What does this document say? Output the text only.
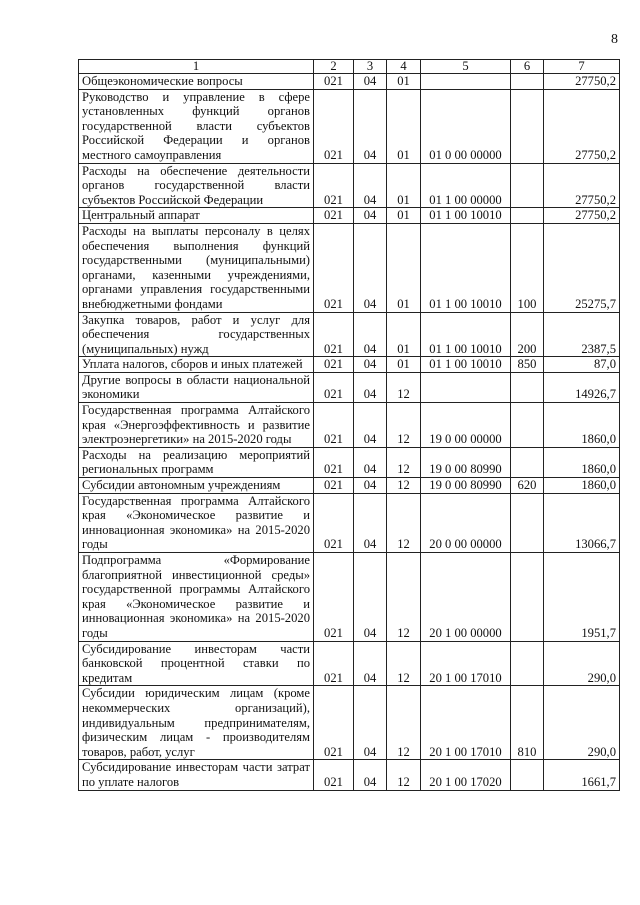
8
1	2	3	4	5	6	7
Общеэкономические вопросы	021	04	01			27750,2
Руководство и управление в сфере установленных функций органов государственной власти субъектов Российской Федерации и органов местного самоуправления	021	04	01	01 0 00 00000		27750,2
Расходы на обеспечение деятельности органов государственной власти субъектов Российской Федерации	021	04	01	01 1 00 00000		27750,2
Центральный аппарат	021	04	01	01 1 00 10010		27750,2
Расходы на выплаты персоналу в целях обеспечения выполнения функций государственными (муниципальными) органами, казенными учреждениями, органами управления государственными внебюджетными фондами	021	04	01	01 1 00 10010	100	25275,7
Закупка товаров, работ и услуг для обеспечения государственных (муниципальных) нужд	021	04	01	01 1 00 10010	200	2387,5
Уплата налогов, сборов и иных платежей	021	04	01	01 1 00 10010	850	87,0
Другие вопросы в области национальной экономики	021	04	12			14926,7
Государственная программа Алтайского края «Энергоэффективность и развитие электроэнергетики» на 2015-2020 годы	021	04	12	19 0 00 00000		1860,0
Расходы на реализацию мероприятий региональных программ	021	04	12	19 0 00 80990		1860,0
Субсидии автономным учреждениям	021	04	12	19 0 00 80990	620	1860,0
Государственная программа Алтайского края «Экономическое развитие и инновационная экономика» на 2015-2020 годы	021	04	12	20 0 00 00000		13066,7
Подпрограмма «Формирование благоприятной инвестиционной среды» государственной программы Алтайского края «Экономическое развитие и инновационная экономика» на 2015-2020 годы	021	04	12	20 1 00 00000		1951,7
Субсидирование инвесторам части банковской процентной ставки по кредитам	021	04	12	20 1 00 17010		290,0
Субсидии юридическим лицам (кроме некоммерческих организаций), индивидуальным предпринимателям, физическим лицам - производителям товаров, работ, услуг	021	04	12	20 1 00 17010	810	290,0
Субсидирование инвесторам части затрат по уплате налогов	021	04	12	20 1 00 17020		1661,7
